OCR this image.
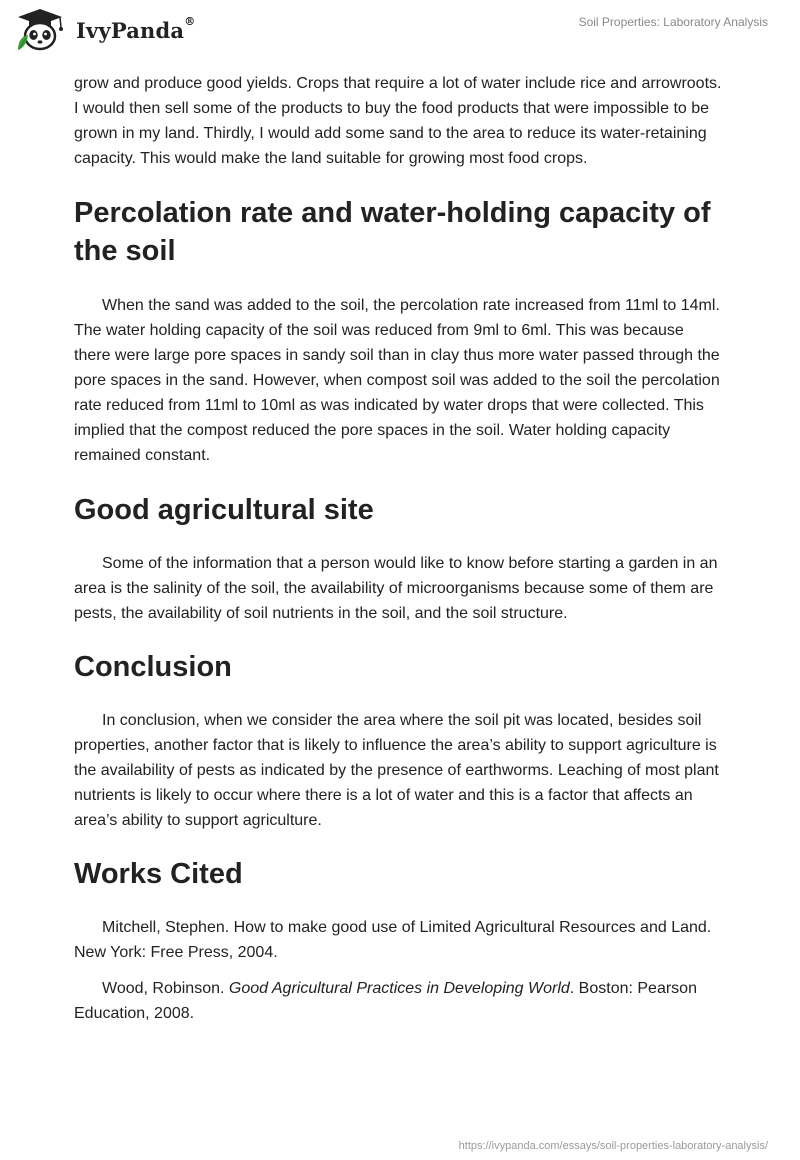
IvyPanda®	Soil Properties: Laboratory Analysis

grow and produce good yields. Crops that require a lot of water include rice and arrowroots. I would then sell some of the products to buy the food products that were impossible to be grown in my land. Thirdly, I would add some sand to the area to reduce its water-retaining capacity. This would make the land suitable for growing most food crops.

Percolation rate and water-holding capacity of the soil

When the sand was added to the soil, the percolation rate increased from 11ml to 14ml. The water holding capacity of the soil was reduced from 9ml to 6ml. This was because there were large pore spaces in sandy soil than in clay thus more water passed through the pore spaces in the sand. However, when compost soil was added to the soil the percolation rate reduced from 11ml to 10ml as was indicated by water drops that were collected. This implied that the compost reduced the pore spaces in the soil. Water holding capacity remained constant.

Good agricultural site

Some of the information that a person would like to know before starting a garden in an area is the salinity of the soil, the availability of microorganisms because some of them are pests, the availability of soil nutrients in the soil, and the soil structure.

Conclusion

In conclusion, when we consider the area where the soil pit was located, besides soil properties, another factor that is likely to influence the area’s ability to support agriculture is the availability of pests as indicated by the presence of earthworms. Leaching of most plant nutrients is likely to occur where there is a lot of water and this is a factor that affects an area’s ability to support agriculture.

Works Cited

Mitchell, Stephen. How to make good use of Limited Agricultural Resources and Land. New York: Free Press, 2004.

Wood, Robinson. Good Agricultural Practices in Developing World. Boston: Pearson Education, 2008.

https://ivypanda.com/essays/soil-properties-laboratory-analysis/
